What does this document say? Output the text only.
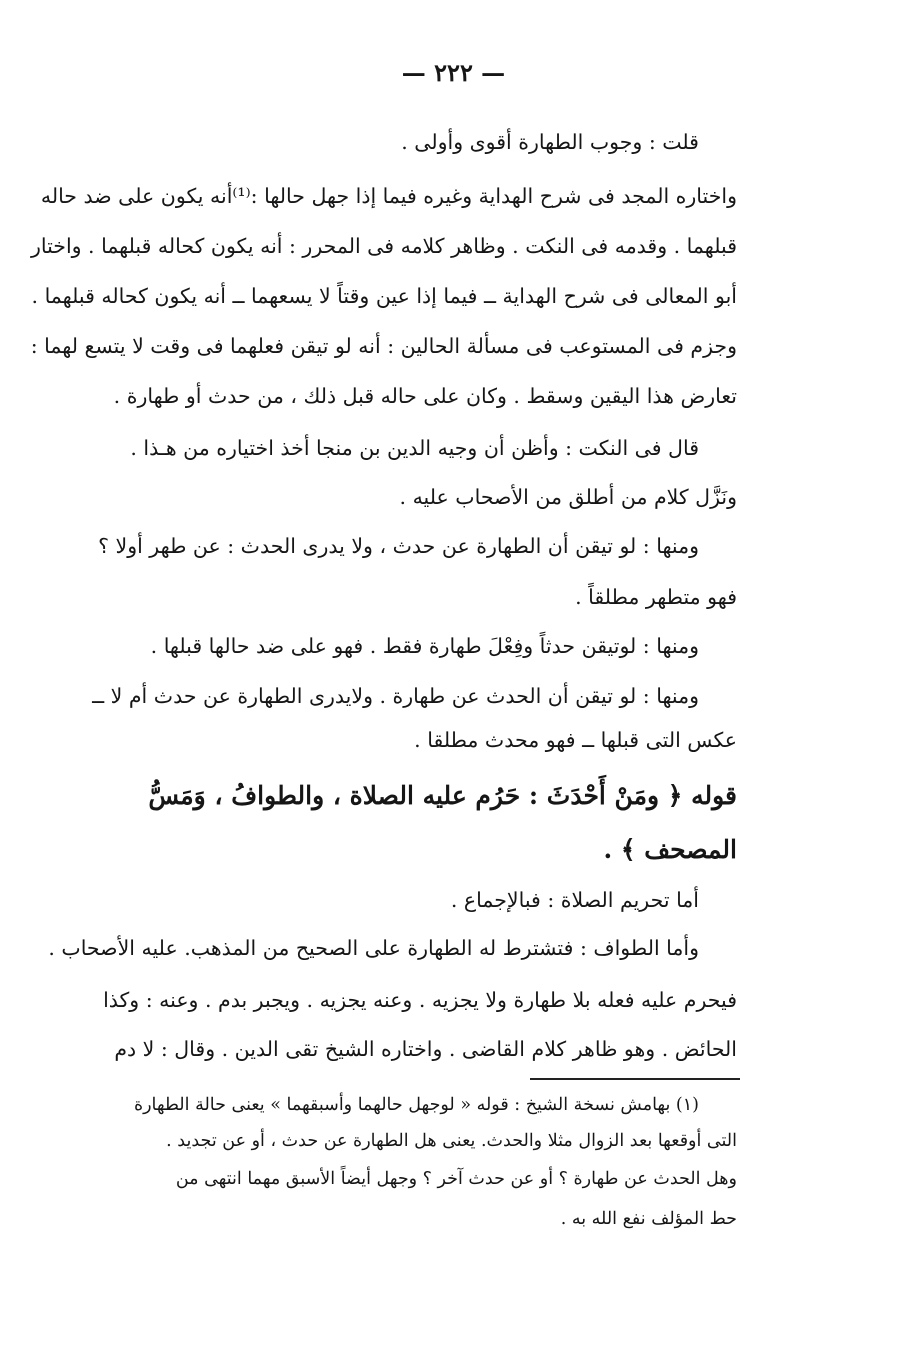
— ٢٢٢ —
قلت : وجوب الطهارة أقوى وأولى .
واختاره المجد فى شرح الهداية وغيره فيما إذا جهل حالها :⁽¹⁾أنه يكون على ضد حاله
قبلهما . وقدمه فى النكت . وظاهر كلامه فى المحرر : أنه يكون كحاله قبلهما . واختار
أبو المعالى فى شرح الهداية ــ فيما إذا عين وقتاً لا يسعهما ــ أنه يكون كحاله قبلهما .
وجزم فى المستوعب فى مسألة الحالين : أنه لو تيقن فعلهما فى وقت لا يتسع لهما :
تعارض هذا اليقين وسقط . وكان على حاله قبل ذلك ، من حدث أو طهارة .
قال فى النكت : وأظن أن وجيه الدين بن منجا أخذ اختياره من هـذا .
ونَزَّل كلام من أطلق من الأصحاب عليه .
ومنها : لو تيقن أن الطهارة عن حدث ، ولا يدرى الحدث : عن طهر أولا ؟
فهو متطهر مطلقاً .
ومنها : لوتيقن حدثاً وفِعْلَ طهارة فقط . فهو على ضد حالها قبلها .
ومنها : لو تيقن أن الحدث عن طهارة . ولايدرى الطهارة عن حدث أم لا ــ
عكس التى قبلها ــ فهو محدث مطلقا .
قوله ﴿ ومَنْ أَحْدَثَ : حَرُم عليه الصلاة ، والطوافُ ، وَمَسُّ
المصحف ﴾ .
أما تحريم الصلاة : فبالإجماع .
وأما الطواف : فتشترط له الطهارة على الصحيح من المذهب. عليه الأصحاب .
فيحرم عليه فعله بلا طهارة ولا يجزيه . وعنه يجزيه . ويجبر بدم . وعنه : وكذا
الحائض . وهو ظاهر كلام القاضى . واختاره الشيخ تقى الدين . وقال : لا دم
(١) بهامش نسخة الشيخ : قوله « لوجهل حالهما وأسبقهما » يعنى حالة الطهارة
التى أوقعها بعد الزوال مثلا والحدث. يعنى هل الطهارة عن حدث ، أو عن تجديد .
وهل الحدث عن طهارة ؟ أو عن حدث آخر ؟ وجهل أيضاً الأسبق مهما انتهى من
حط المؤلف نفع الله به .
